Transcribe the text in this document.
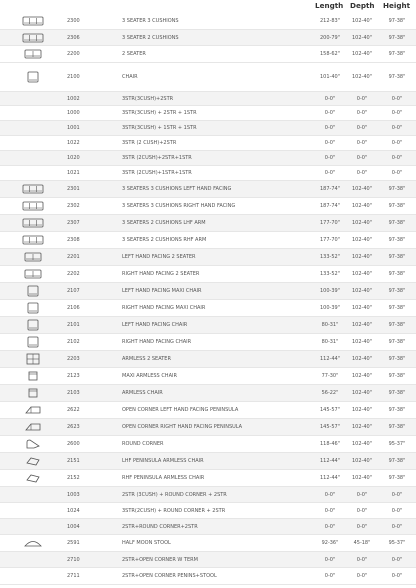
Length Depth Height
2300	3 SEATER 3 CUSHIONS	212-83"	102-40"	97-38"
2306	3 SEATER 2 CUSHIONS	200-79"	102-40"	97-38"
2200	2 SEATER	158-62"	102-40"	97-38"
2100	CHAIR	101-40"	102-40"	97-38"
1002	3STR(3CUSH)+2STR	0-0"	0-0"	0-0"
1000	3STR(3CUSH) + 2STR + 1STR	0-0"	0-0"	0-0"
1001	3STR(3CUSH) + 1STR + 1STR	0-0"	0-0"	0-0"
1022	3STR (2 CUSH)+2STR	0-0"	0-0"	0-0"
1020	3STR (2CUSH)+2STR+1STR	0-0"	0-0"	0-0"
1021	3STR (2CUSH)+1STR+1STR	0-0"	0-0"	0-0"
2301	3 SEATERS 3 CUSHIONS LEFT HAND FACING	187-74"	102-40"	97-38"
2302	3 SEATERS 3 CUSHIONS RIGHT HAND FACING	187-74"	102-40"	97-38"
2307	3 SEATERS 2 CUSHIONS LHF ARM	177-70"	102-40"	97-38"
2308	3 SEATERS 2 CUSHIONS RHF ARM	177-70"	102-40"	97-38"
2201	LEFT HAND FACING 2 SEATER	133-52"	102-40"	97-38"
2202	RIGHT HAND FACING 2 SEATER	133-52"	102-40"	97-38"
2107	LEFT HAND FACING MAXI CHAIR	100-39"	102-40"	97-38"
2106	RIGHT HAND FACING MAXI CHAIR	100-39"	102-40"	97-38"
2101	LEFT HAND FACING CHAIR	80-31"	102-40"	97-38"
2102	RIGHT HAND FACING CHAIR	80-31"	102-40"	97-38"
2203	ARMLESS 2 SEATER	112-44"	102-40"	97-38"
2123	MAXI ARMLESS CHAIR	77-30"	102-40"	97-38"
2103	ARMLESS CHAIR	56-22"	102-40"	97-38"
2622	OPEN CORNER LEFT HAND FACING PENINSULA	145-57"	102-40"	97-38"
2623	OPEN CORNER RIGHT HAND FACING PENINSULA	145-57"	102-40"	97-38"
2600	ROUND CORNER	118-46"	102-40"	95-37"
2151	LHF PENINSULA ARMLESS CHAIR	112-44"	102-40"	97-38"
2152	RHF PENINSULA ARMLESS CHAIR	112-44"	102-40"	97-38"
1003	2STR (3CUSH) + ROUND CORNER + 2STR	0-0"	0-0"	0-0"
1024	3STR(2CUSH) + ROUND CORNER + 2STR	0-0"	0-0"	0-0"
1004	2STR+ROUND CORNER+2STR	0-0"	0-0"	0-0"
2591	HALF MOON STOOL	92-36"	45-18"	95-37"
2710	2STR+OPEN CORNER W TERM	0-0"	0-0"	0-0"
2711	2STR+OPEN CORNER PENINS+STOOL	0-0"	0-0"	0-0"
